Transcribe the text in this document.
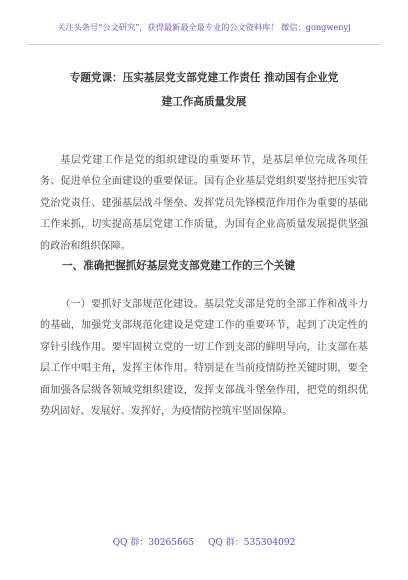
关注头条号“公文研究”，获得最新最全最专业的公文资料库！ 微信：gongwenyj
专题党课：压实基层党支部党建工作责任 推动国有企业党
建工作高质量发展

基层党建工作是党的组织建设的重要环节，是基层单位完成各项任务、促进单位全面建设的重要保证。国有企业基层党组织要坚持把压实管党治党责任、建强基层战斗堡垒、发挥党员先锋模范作用作为重要的基础工作来抓，切实提高基层党建工作质量，为国有企业高质量发展提供坚强的政治和组织保障。

一、准确把握抓好基层党支部党建工作的三个关键

（一）要抓好支部规范化建设。基层党支部是党的全部工作和战斗力的基础，加强党支部规范化建设是党建工作的重要环节，起到了决定性的穿针引线作用。要牢固树立党的一切工作到支部的鲜明导向，让支部在基层工作中唱主角，发挥主体作用。特别是在当前疫情防控关键时期，要全面加强各层级各领域党组织建设，发挥支部战斗堡垒作用，把党的组织优势巩固好、发展好、发挥好，为疫情防控筑牢坚固保障。

QQ 群：30265665 QQ 群：535304092
